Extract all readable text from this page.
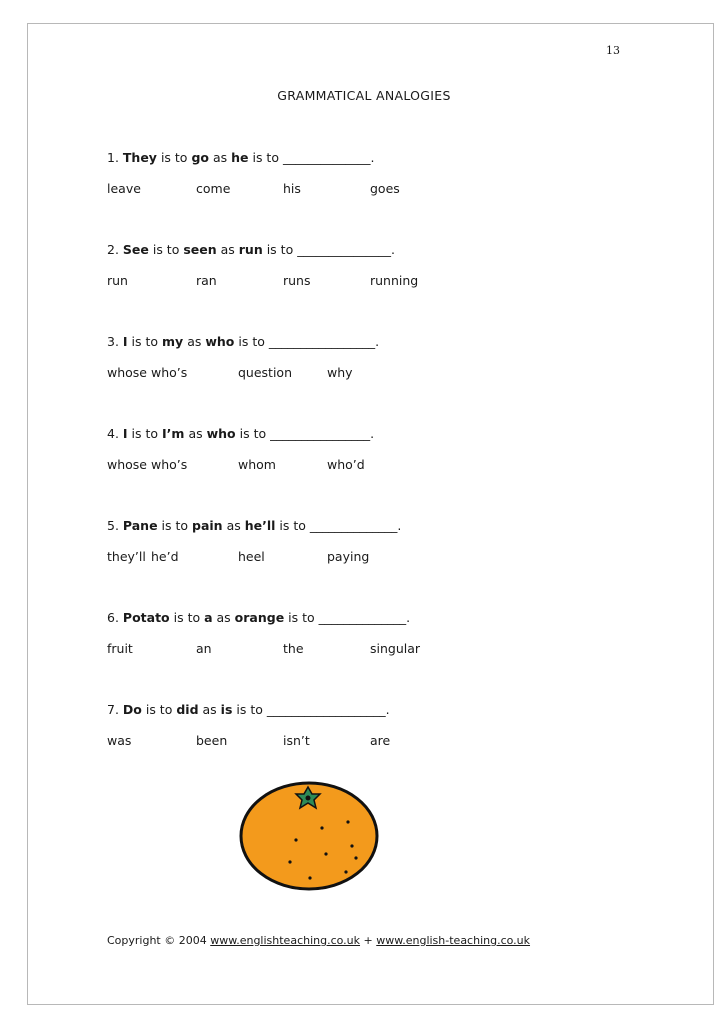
13
GRAMMATICAL ANALOGIES
1. They is to go as he is to ______________.
leave	come	his	goes
2. See is to seen as run is to _______________.
run	ran	runs	running
3. I is to my as who is to _________________.
whose who’s	question	why
4. I is to I’m as who is to ________________.
whose who’s	whom	who’d
5. Pane is to pain as he’ll is to ______________.
they’ll he’d	heel	paying
6. Potato is to a as orange is to ______________.
fruit	an	the	singular
7. Do is to did as is is to ___________________.
was	been	isn’t	are
Copyright © 2004 www.englishteaching.co.uk + www.english-teaching.co.uk
